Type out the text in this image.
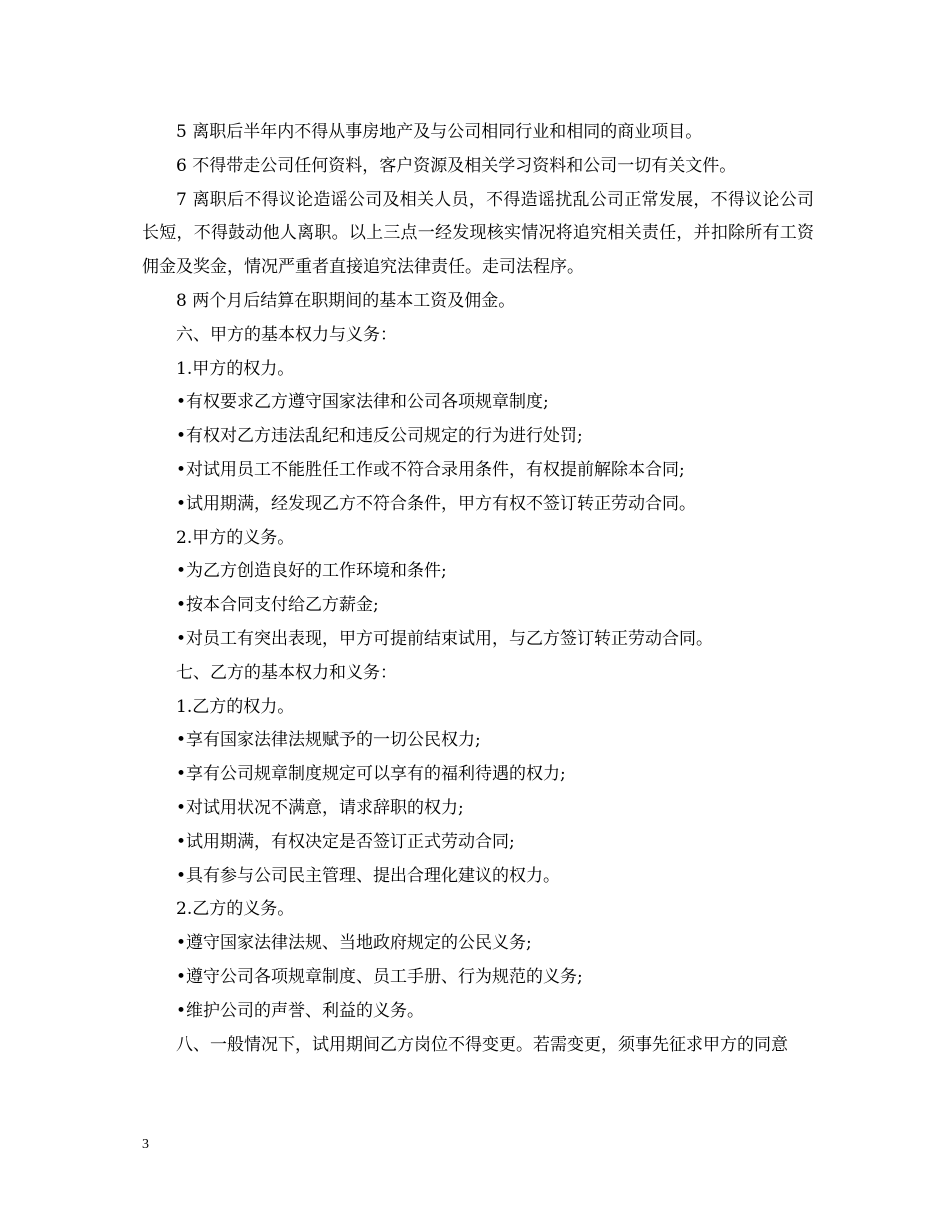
5 离职后半年内不得从事房地产及与公司相同行业和相同的商业项目。

6 不得带走公司任何资料，客户资源及相关学习资料和公司一切有关文件。

7 离职后不得议论造谣公司及相关人员，不得造谣扰乱公司正常发展，不得议论公司长短，不得鼓动他人离职。以上三点一经发现核实情况将追究相关责任，并扣除所有工资佣金及奖金，情况严重者直接追究法律责任。走司法程序。

8 两个月后结算在职期间的基本工资及佣金。

六、甲方的基本权力与义务：

1.甲方的权力。

•有权要求乙方遵守国家法律和公司各项规章制度;

•有权对乙方违法乱纪和违反公司规定的行为进行处罚;

•对试用员工不能胜任工作或不符合录用条件，有权提前解除本合同;

•试用期满，经发现乙方不符合条件，甲方有权不签订转正劳动合同。

2.甲方的义务。

•为乙方创造良好的工作环境和条件;

•按本合同支付给乙方薪金;

•对员工有突出表现，甲方可提前结束试用，与乙方签订转正劳动合同。

七、乙方的基本权力和义务：

1.乙方的权力。

•享有国家法律法规赋予的一切公民权力;

•享有公司规章制度规定可以享有的福利待遇的权力;

•对试用状况不满意，请求辞职的权力;

•试用期满，有权决定是否签订正式劳动合同;

•具有参与公司民主管理、提出合理化建议的权力。

2.乙方的义务。

•遵守国家法律法规、当地政府规定的公民义务;

•遵守公司各项规章制度、员工手册、行为规范的义务;

•维护公司的声誉、利益的义务。

八、一般情况下，试用期间乙方岗位不得变更。若需变更，须事先征求甲方的同意

3
